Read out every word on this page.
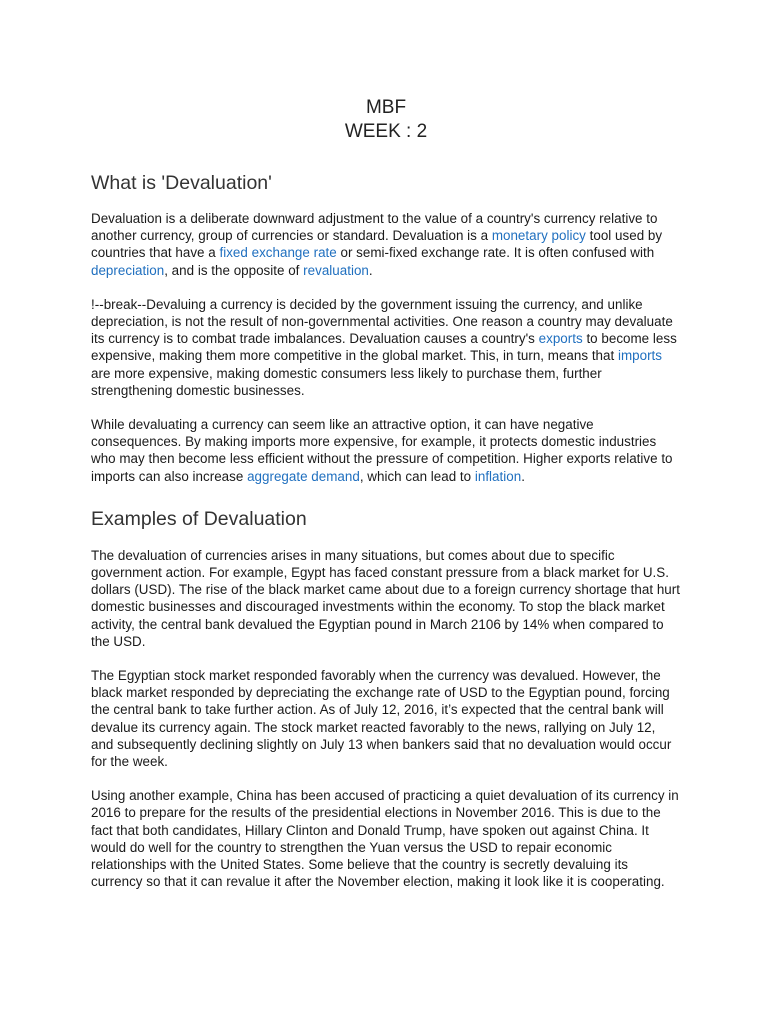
MBF
WEEK : 2
What is 'Devaluation'

Devaluation is a deliberate downward adjustment to the value of a country's currency relative to another currency, group of currencies or standard. Devaluation is a monetary policy tool used by countries that have a fixed exchange rate or semi-fixed exchange rate. It is often confused with depreciation, and is the opposite of revaluation.

!--break--Devaluing a currency is decided by the government issuing the currency, and unlike depreciation, is not the result of non-governmental activities. One reason a country may devaluate its currency is to combat trade imbalances. Devaluation causes a country's exports to become less expensive, making them more competitive in the global market. This, in turn, means that imports are more expensive, making domestic consumers less likely to purchase them, further strengthening domestic businesses.

While devaluating a currency can seem like an attractive option, it can have negative consequences. By making imports more expensive, for example, it protects domestic industries who may then become less efficient without the pressure of competition. Higher exports relative to imports can also increase aggregate demand, which can lead to inflation.

Examples of Devaluation

The devaluation of currencies arises in many situations, but comes about due to specific government action. For example, Egypt has faced constant pressure from a black market for U.S. dollars (USD). The rise of the black market came about due to a foreign currency shortage that hurt domestic businesses and discouraged investments within the economy. To stop the black market activity, the central bank devalued the Egyptian pound in March 2106 by 14% when compared to the USD.

The Egyptian stock market responded favorably when the currency was devalued. However, the black market responded by depreciating the exchange rate of USD to the Egyptian pound, forcing the central bank to take further action. As of July 12, 2016, it’s expected that the central bank will devalue its currency again. The stock market reacted favorably to the news, rallying on July 12, and subsequently declining slightly on July 13 when bankers said that no devaluation would occur for the week.

Using another example, China has been accused of practicing a quiet devaluation of its currency in 2016 to prepare for the results of the presidential elections in November 2016. This is due to the fact that both candidates, Hillary Clinton and Donald Trump, have spoken out against China. It would do well for the country to strengthen the Yuan versus the USD to repair economic relationships with the United States. Some believe that the country is secretly devaluing its currency so that it can revalue it after the November election, making it look like it is cooperating.
